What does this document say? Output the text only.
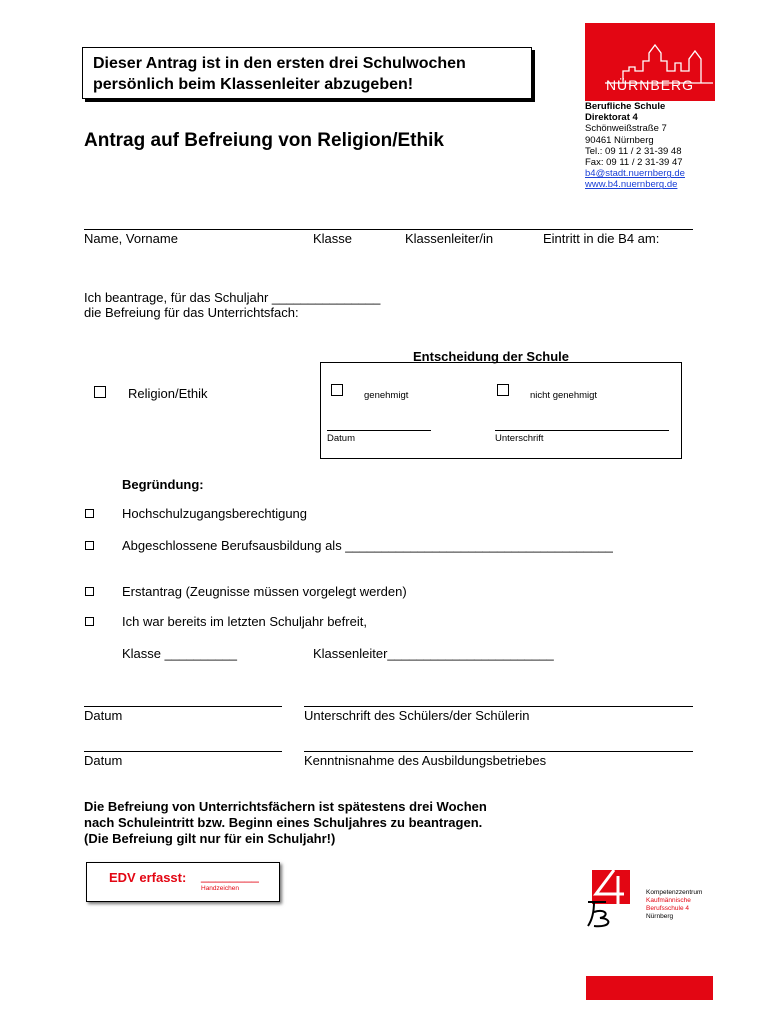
Dieser Antrag ist in den ersten drei Schulwochen
persönlich beim Klassenleiter abzugeben!	NÜRNBERG
Berufliche Schule
Direktorat 4
Schönweißstraße 7
90461 Nürnberg
Tel.: 09 11 / 2 31-39 48
Fax: 09 11 / 2 31-39 47
b4@stadt.nuernberg.de
www.b4.nuernberg.de
Antrag auf Befreiung von Religion/Ethik
Name, Vorname	Klasse	Klassenleiter/in	Eintritt in die B4 am:
Ich beantrage, für das Schuljahr _______________
die Befreiung für das Unterrichtsfach:
Religion/Ethik
Entscheidung der Schule
genehmigt	nicht genehmigt
Datum	Unterschrift
Begründung:
Hochschulzugangsberechtigung
Abgeschlossene Berufsausbildung als _____________________________________
Erstantrag (Zeugnisse müssen vorgelegt werden)
Ich war bereits im letzten Schuljahr befreit,
Klasse __________	Klassenleiter_______________________
Datum	Unterschrift des Schülers/der Schülerin
Datum	Kenntnisnahme des Ausbildungsbetriebes
Die Befreiung von Unterrichtsfächern ist spätestens drei Wochen
nach Schuleintritt bzw. Beginn eines Schuljahres zu beantragen.
(Die Befreiung gilt nur für ein Schuljahr!)
EDV erfasst: ________
Handzeichen
Kompetenzzentrum
Kaufmännische
Berufsschule 4
Nürnberg
